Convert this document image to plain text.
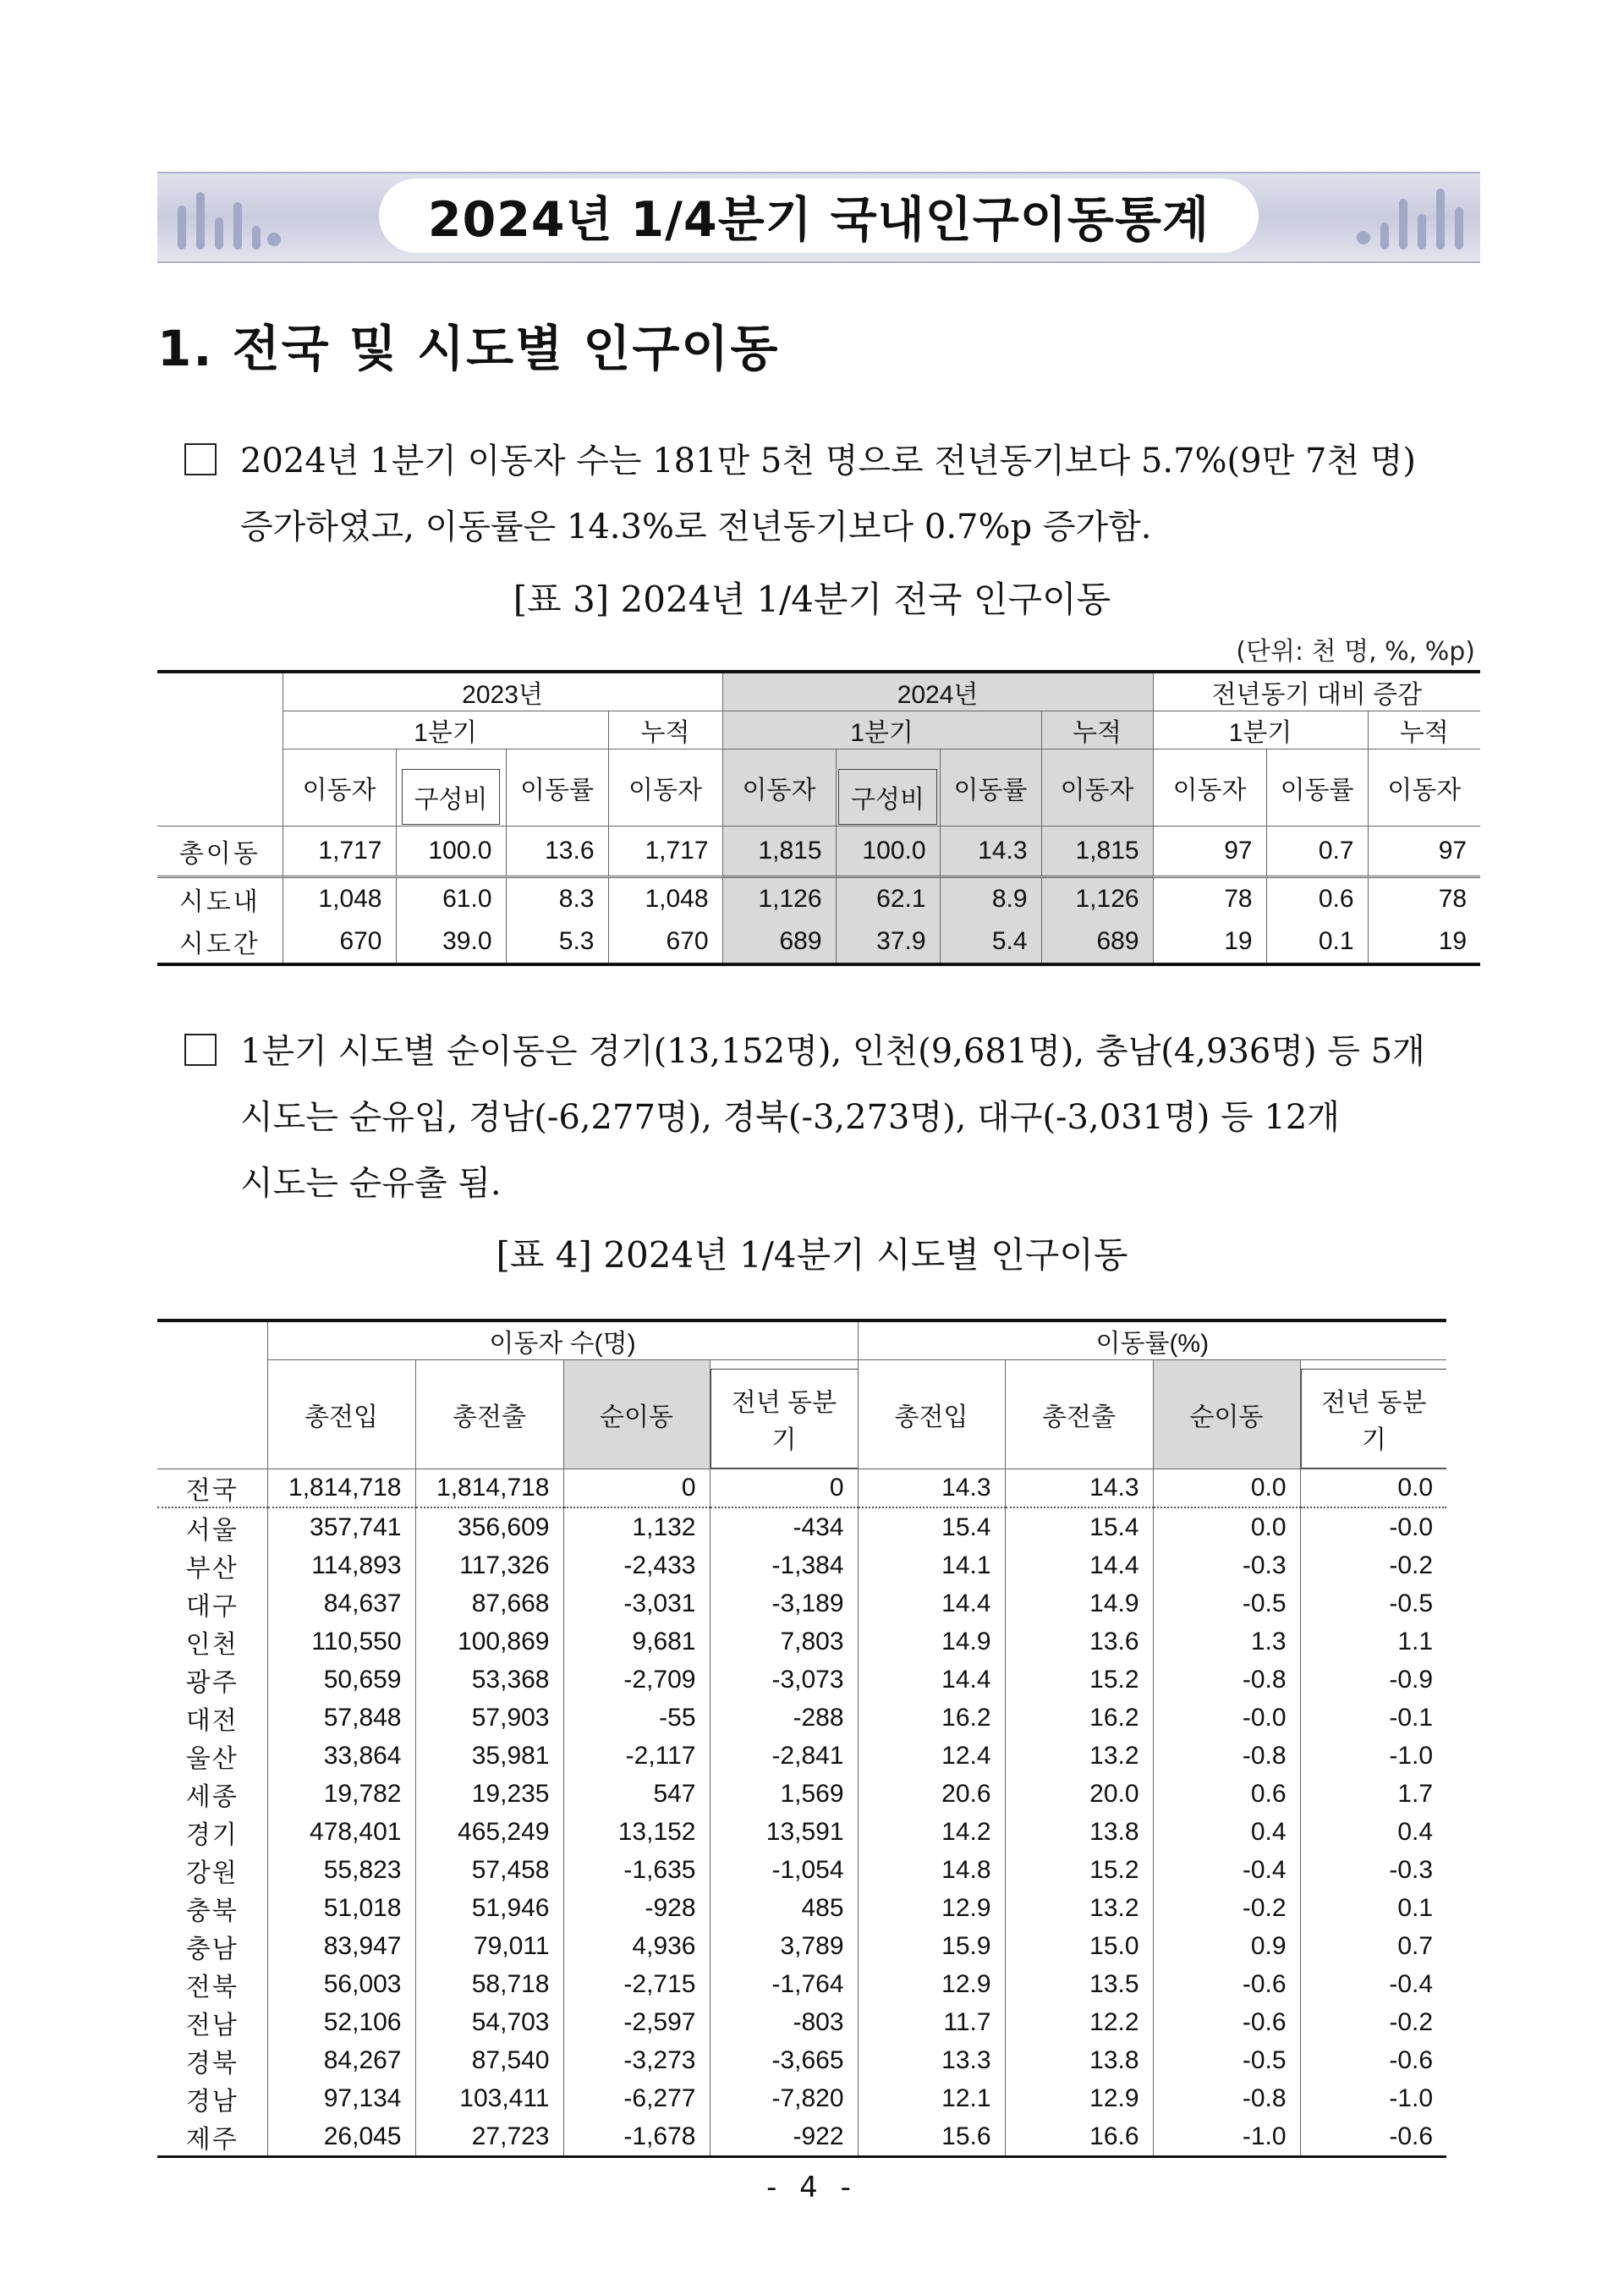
2024년 1/4분기 국내인구이동통계
1. 전국 및 시도별 인구이동
2024년 1분기 이동자 수는 181만 5천 명으로 전년동기보다 5.7%(9만 7천 명)
증가하였고, 이동률은 14.3%로 전년동기보다 0.7%p 증가함.
[표 3] 2024년 1/4분기 전국 인구이동
(단위: 천 명, %, %p)
	2023년				2024년				전년동기 대비 증감		
	1분기			누적	1분기			누적	1분기		누적
	이동자	구성비	이동률	이동자	이동자	구성비	이동률	이동자	이동자	이동률	이동자
총이동	1,717	100.0	13.6	1,717	1,815	100.0	14.3	1,815	97	0.7	97
시도내	1,048	61.0	8.3	1,048	1,126	62.1	8.9	1,126	78	0.6	78
시도간	670	39.0	5.3	670	689	37.9	5.4	689	19	0.1	19
1분기 시도별 순이동은 경기(13,152명), 인천(9,681명), 충남(4,936명) 등 5개
시도는 순유입, 경남(-6,277명), 경북(-3,273명), 대구(-3,031명) 등 12개
시도는 순유출 됨.
[표 4] 2024년 1/4분기 시도별 인구이동
	이동자 수(명)				이동률(%)			
	총전입	총전출	순이동	전년 동분기	총전입	총전출	순이동	전년 동분기
전국	1,814,718	1,814,718	0	0	14.3	14.3	0.0	0.0
서울	357,741	356,609	1,132	-434	15.4	15.4	0.0	-0.0
부산	114,893	117,326	-2,433	-1,384	14.1	14.4	-0.3	-0.2
대구	84,637	87,668	-3,031	-3,189	14.4	14.9	-0.5	-0.5
인천	110,550	100,869	9,681	7,803	14.9	13.6	1.3	1.1
광주	50,659	53,368	-2,709	-3,073	14.4	15.2	-0.8	-0.9
대전	57,848	57,903	-55	-288	16.2	16.2	-0.0	-0.1
울산	33,864	35,981	-2,117	-2,841	12.4	13.2	-0.8	-1.0
세종	19,782	19,235	547	1,569	20.6	20.0	0.6	1.7
경기	478,401	465,249	13,152	13,591	14.2	13.8	0.4	0.4
강원	55,823	57,458	-1,635	-1,054	14.8	15.2	-0.4	-0.3
충북	51,018	51,946	-928	485	12.9	13.2	-0.2	0.1
충남	83,947	79,011	4,936	3,789	15.9	15.0	0.9	0.7
전북	56,003	58,718	-2,715	-1,764	12.9	13.5	-0.6	-0.4
전남	52,106	54,703	-2,597	-803	11.7	12.2	-0.6	-0.2
경북	84,267	87,540	-3,273	-3,665	13.3	13.8	-0.5	-0.6
경남	97,134	103,411	-6,277	-7,820	12.1	12.9	-0.8	-1.0
제주	26,045	27,723	-1,678	-922	15.6	16.6	-1.0	-0.6
- 4 -
